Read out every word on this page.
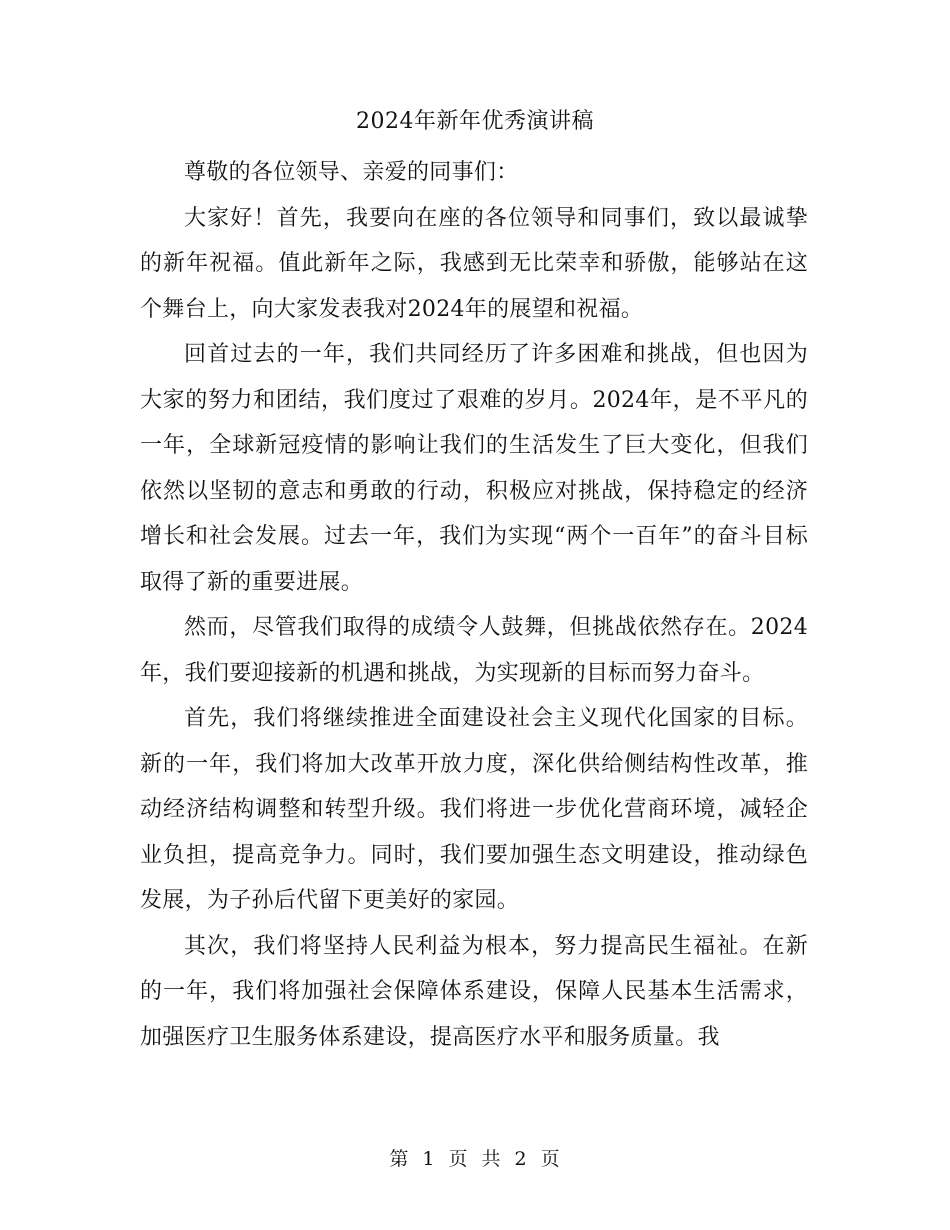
2024年新年优秀演讲稿

尊敬的各位领导、亲爱的同事们：

大家好！首先，我要向在座的各位领导和同事们，致以最诚挚的新年祝福。值此新年之际，我感到无比荣幸和骄傲，能够站在这个舞台上，向大家发表我对2024年的展望和祝福。

回首过去的一年，我们共同经历了许多困难和挑战，但也因为大家的努力和团结，我们度过了艰难的岁月。2024年，是不平凡的一年，全球新冠疫情的影响让我们的生活发生了巨大变化，但我们依然以坚韧的意志和勇敢的行动，积极应对挑战，保持稳定的经济增长和社会发展。过去一年，我们为实现“两个一百年”的奋斗目标取得了新的重要进展。

然而，尽管我们取得的成绩令人鼓舞，但挑战依然存在。2024年，我们要迎接新的机遇和挑战，为实现新的目标而努力奋斗。

首先，我们将继续推进全面建设社会主义现代化国家的目标。新的一年，我们将加大改革开放力度，深化供给侧结构性改革，推动经济结构调整和转型升级。我们将进一步优化营商环境，减轻企业负担，提高竞争力。同时，我们要加强生态文明建设，推动绿色发展，为子孙后代留下更美好的家园。

其次，我们将坚持人民利益为根本，努力提高民生福祉。在新的一年，我们将加强社会保障体系建设，保障人民基本生活需求，加强医疗卫生服务体系建设，提高医疗水平和服务质量。我

第 1 页 共 2 页
